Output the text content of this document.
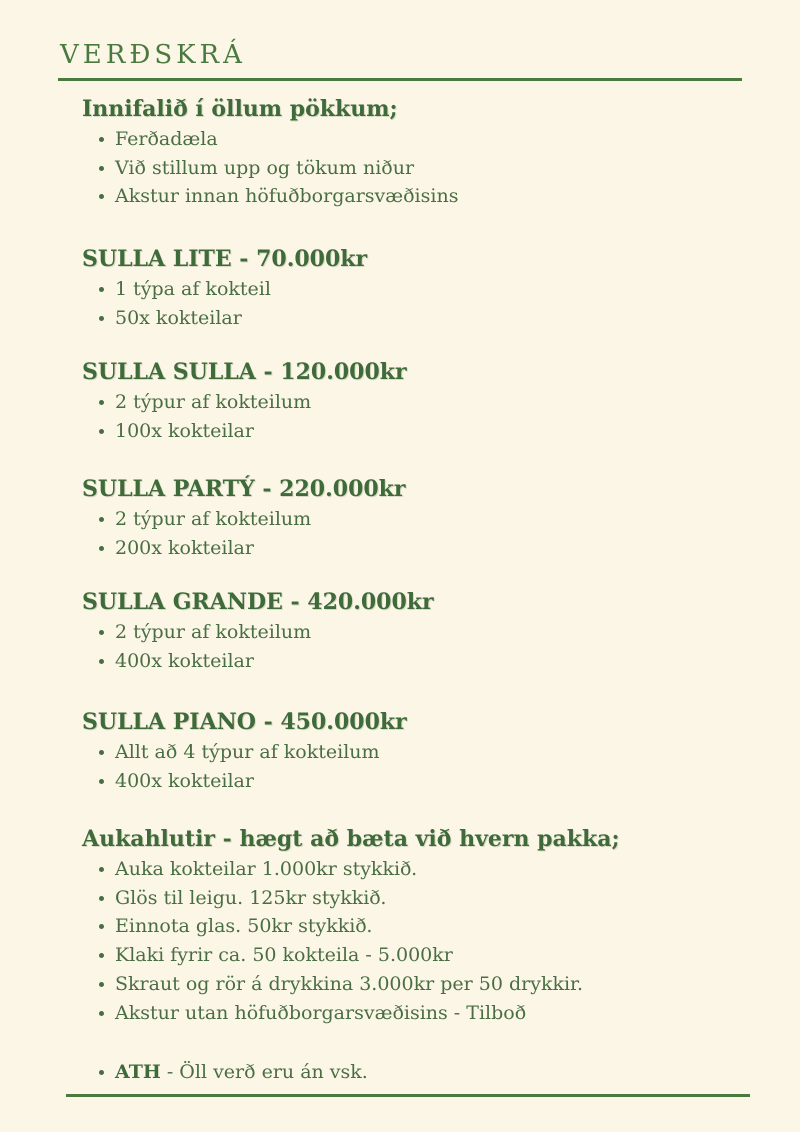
VERÐSKRÁ
Innifalið í öllum pökkum;
Ferðadæla
Við stillum upp og tökum niður
Akstur innan höfuðborgarsvæðisins
SULLA LITE - 70.000kr
1 týpa af kokteil
50x kokteilar
SULLA SULLA - 120.000kr
2 týpur af kokteilum
100x kokteilar
SULLA PARTÝ - 220.000kr
2 týpur af kokteilum
200x kokteilar
SULLA GRANDE - 420.000kr
2 týpur af kokteilum
400x kokteilar
SULLA PIANO - 450.000kr
Allt að 4 týpur af kokteilum
400x kokteilar
Aukahlutir - hægt að bæta við hvern pakka;
Auka kokteilar 1.000kr stykkið.
Glös til leigu. 125kr stykkið.
Einnota glas. 50kr stykkið.
Klaki fyrir ca. 50 kokteila - 5.000kr
Skraut og rör á drykkina 3.000kr per 50 drykkir.
Akstur utan höfuðborgarsvæðisins - Tilboð
ATH - Öll verð eru án vsk.
